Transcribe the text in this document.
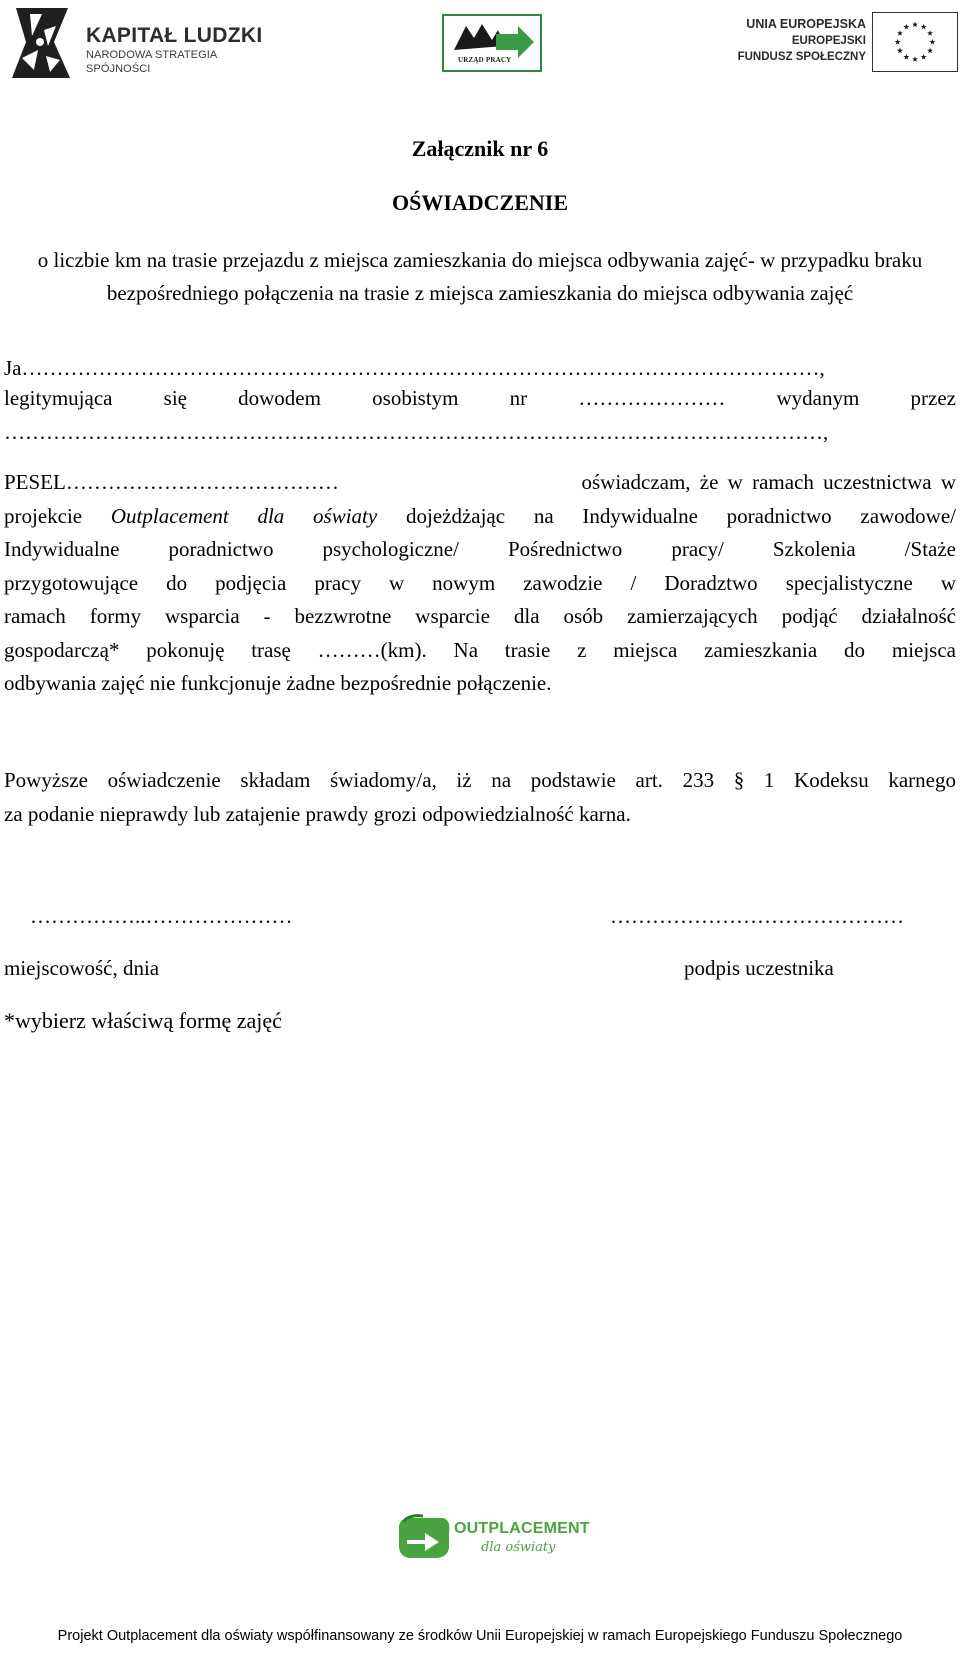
KAPITAŁ LUDZKI
NARODOWA STRATEGIA SPÓJNOŚCI
URZĄD PRACY
UNIA EUROPEJSKA
EUROPEJSKI
FUNDUSZ SPOŁECZNY
Załącznik nr 6
OŚWIADCZENIE
o liczbie km na trasie przejazdu z miejsca zamieszkania do miejsca odbywania zajęć- w przypadku braku bezpośredniego połączenia na trasie z miejsca zamieszkania do miejsca odbywania zajęć
Ja……………………………………………………………………………………………………,
legitymująca się dowodem osobistym nr ………………… wydanym przez
………………………………………………………………………………………………………,
PESEL…………………………………	oświadczam, że w ramach uczestnictwa w
projekcie Outplacement dla oświaty dojeżdżając na Indywidualne poradnictwo zawodowe/
Indywidualne poradnictwo psychologiczne/ Pośrednictwo pracy/ Szkolenia /Staże
przygotowujące do podjęcia pracy w nowym zawodzie / Doradztwo specjalistyczne w
ramach formy wsparcia - bezzwrotne wsparcie dla osób zamierzających podjąć działalność
gospodarczą* pokonuję trasę ………(km). Na trasie z miejsca zamieszkania do miejsca
odbywania zajęć nie funkcjonuje żadne bezpośrednie połączenie.
Powyższe oświadczenie składam świadomy/a, iż na podstawie art. 233 § 1 Kodeksu karnego
za podanie nieprawdy lub zatajenie prawdy grozi odpowiedzialność karna.
……………..…………………	……………………………………
miejscowość, dnia	podpis uczestnika
*wybierz właściwą formę zajęć
OUTPLACEMENT
dla oświaty
Projekt Outplacement dla oświaty współfinansowany ze środków Unii Europejskiej w ramach Europejskiego Funduszu Społecznego
